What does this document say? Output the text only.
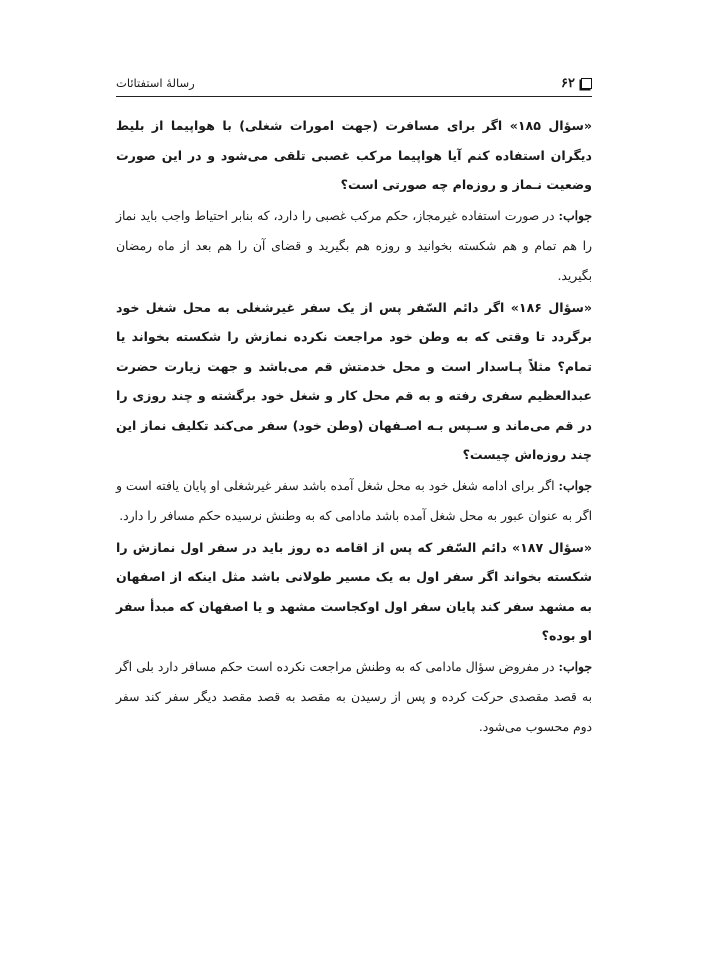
۶۲
رسالۀ استفتائات

«سؤال ۱۸۵» اگر برای مسافرت (جهت امورات شغلی) با هواپیما از بلیط دیگران استفاده کنم آیا هواپیما مرکب غصبی تلقی می‌شود و در این صورت وضعیت نـماز و روزه‌ام چه صورتی است؟

جواب: در صورت استفاده غیرمجاز، حکم مرکب غصبی را دارد، که بنابر احتیاط واجب باید نماز را هم تمام و هم شکسته بخوانید و روزه هم بگیرید و قضای آن را هم بعد از ماه رمضان بگیرید.

«سؤال ۱۸۶» اگر دائم السّفر پس از یک سفر غیرشغلی به محل شغل خود برگردد تا وقتی که به وطن خود مراجعت نکرده نمازش را شکسته بخواند یا تمام؟ مثلاً پـاسدار است و محل خدمتش قم می‌باشد و جهت زیارت حضرت عبدالعظیم سفری رفته و به قم محل کار و شغل خود برگشته و چند روزی را در قم می‌ماند و سـپس بـه اصـفهان (وطن خود) سفر می‌کند تکلیف نماز این چند روزه‌اش چیست؟

جواب: اگر برای ادامه شغل خود به محل شغل آمده باشد سفر غیرشغلی او پایان یافته است و اگر به عنوان عبور به محل شغل آمده باشد مادامی که به وطنش نرسیده حکم مسافر را دارد.

«سؤال ۱۸۷» دائم السّفر که پس از اقامه ده روز باید در سفر اول نمازش را شکسته بخواند اگر سفر اول به یک مسیر طولانی باشد مثل اینکه از اصفهان به مشهد سفر کند پایان سفر اول اوکجاست مشهد و یا اصفهان که مبدأ سفر او بوده؟

جواب: در مفروض سؤال مادامی که به وطنش مراجعت نکرده است حکم مسافر دارد بلی اگر به قصد مقصدی حرکت کرده و پس از رسیدن به مقصد به قصد مقصد دیگر سفر کند سفر دوم محسوب می‌شود.
